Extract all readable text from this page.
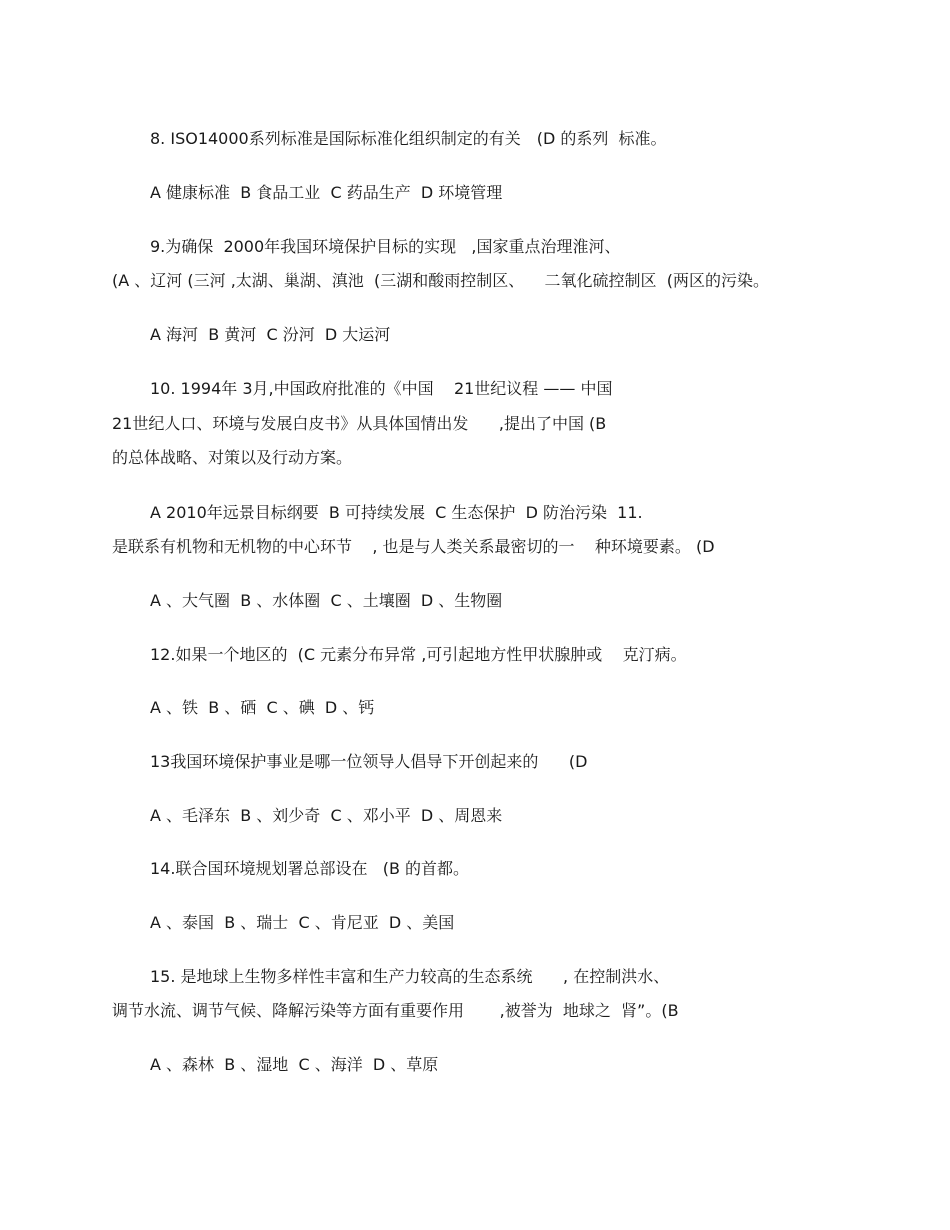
8. ISO14000系列标准是国际标准化组织制定的有关　(D 的系列  标准。
A 健康标准  B 食品工业  C 药品生产  D 环境管理
9.为确保  2000年我国环境保护目标的实现   ,国家重点治理淮河、
(A 、辽河 (三河 ,太湖、巢湖、滇池  (三湖和酸雨控制区、    二氧化硫控制区  (两区的污染。
A 海河  B 黄河  C 汾河  D 大运河
10. 1994年 3月,中国政府批准的《中国    21世纪议程 —— 中国
21世纪人口、环境与发展白皮书》从具体国情出发      ,提出了中国 (B
的总体战略、对策以及行动方案。
A 2010年远景目标纲要  B 可持续发展  C 生态保护  D 防治污染  11.
是联系有机物和无机物的中心环节    , 也是与人类关系最密切的一    种环境要素。 (D
A 、大气圈  B 、水体圈  C 、土壤圈  D 、生物圈
12.如果一个地区的  (C 元素分布异常 ,可引起地方性甲状腺肿或    克汀病。
A 、铁  B 、硒  C 、碘  D 、钙
13我国环境保护事业是哪一位领导人倡导下开创起来的      (D
A 、毛泽东  B 、刘少奇  C 、邓小平  D 、周恩来
14.联合国环境规划署总部设在   (B 的首都。
A 、泰国  B 、瑞士  C 、肯尼亚  D 、美国
15. 是地球上生物多样性丰富和生产力较高的生态系统      , 在控制洪水、
调节水流、调节气候、降解污染等方面有重要作用       ,被誉为  地球之  肾”。(B
A 、森林  B 、湿地  C 、海洋  D 、草原
